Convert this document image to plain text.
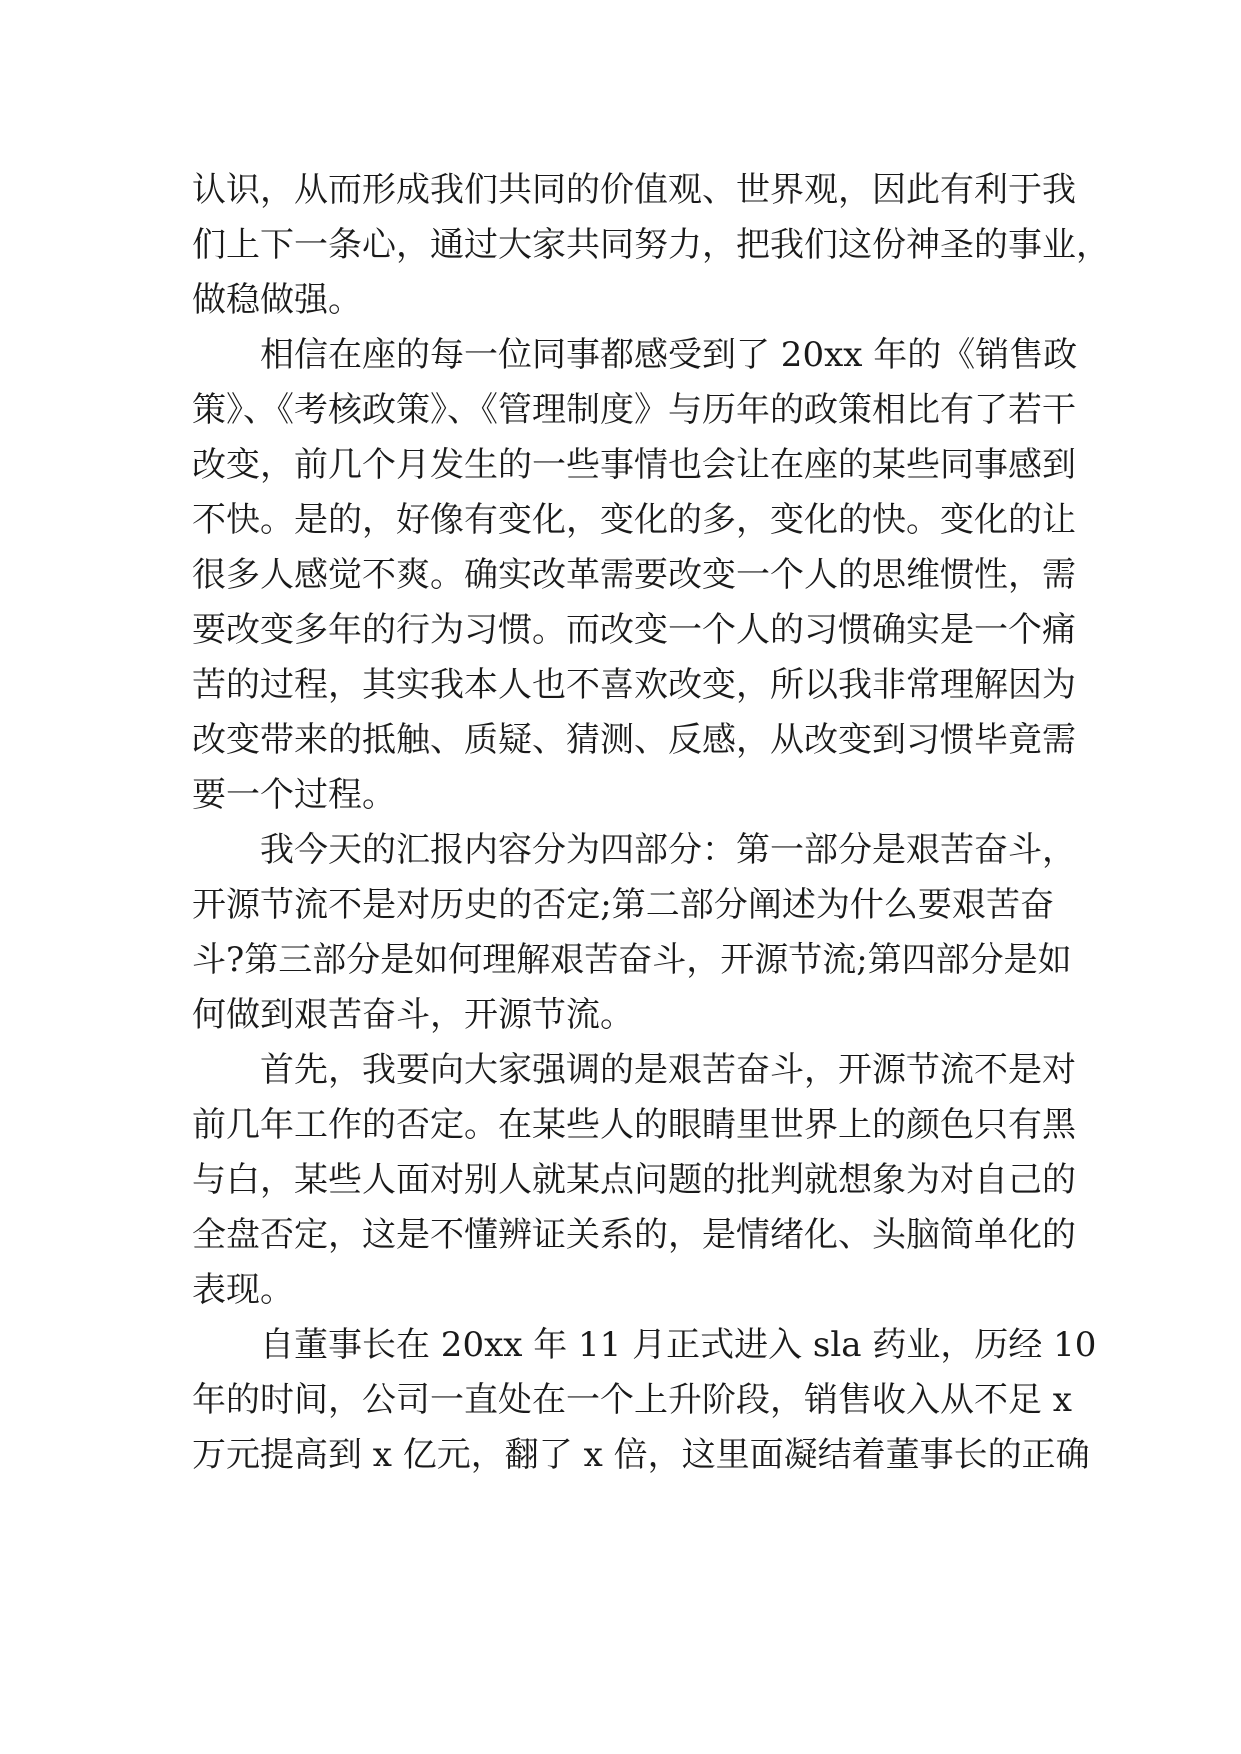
认识，从而形成我们共同的价值观、世界观，因此有利于我
们上下一条心，通过大家共同努力，把我们这份神圣的事业，
做稳做强。
相信在座的每一位同事都感受到了 20xx 年的《销售政
策》、《考核政策》、《管理制度》与历年的政策相比有了若干
改变，前几个月发生的一些事情也会让在座的某些同事感到
不快。是的，好像有变化，变化的多，变化的快。变化的让
很多人感觉不爽。确实改革需要改变一个人的思维惯性，需
要改变多年的行为习惯。而改变一个人的习惯确实是一个痛
苦的过程，其实我本人也不喜欢改变，所以我非常理解因为
改变带来的抵触、质疑、猜测、反感，从改变到习惯毕竟需
要一个过程。
我今天的汇报内容分为四部分：第一部分是艰苦奋斗，
开源节流不是对历史的否定;第二部分阐述为什么要艰苦奋
斗?第三部分是如何理解艰苦奋斗，开源节流;第四部分是如
何做到艰苦奋斗，开源节流。
首先，我要向大家强调的是艰苦奋斗，开源节流不是对
前几年工作的否定。在某些人的眼睛里世界上的颜色只有黑
与白，某些人面对别人就某点问题的批判就想象为对自己的
全盘否定，这是不懂辨证关系的，是情绪化、头脑简单化的
表现。
自董事长在 20xx 年 11 月正式进入 sla 药业，历经 10
年的时间，公司一直处在一个上升阶段，销售收入从不足 x
万元提高到 x 亿元，翻了 x 倍，这里面凝结着董事长的正确
